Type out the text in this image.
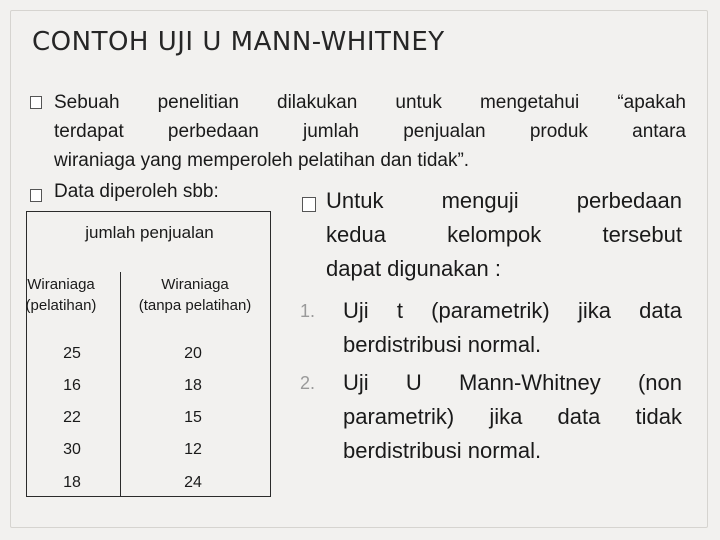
CONTOH UJI U MANN-WHITNEY
Sebuah penelitian dilakukan untuk mengetahui “apakah
terdapat perbedaan jumlah penjualan produk antara
wiraniaga yang memperoleh pelatihan dan tidak”.
Data diperoleh sbb:
jumlah penjualan
Wiraniaga
(pelatihan)
Wiraniaga
(tanpa pelatihan)
25	20
16	18
22	15
30	12
18	24
Untuk menguji perbedaan
kedua kelompok tersebut
dapat digunakan :
1. Uji t (parametrik) jika data
berdistribusi normal.
2. Uji U Mann-Whitney (non
parametrik) jika data tidak
berdistribusi normal.
